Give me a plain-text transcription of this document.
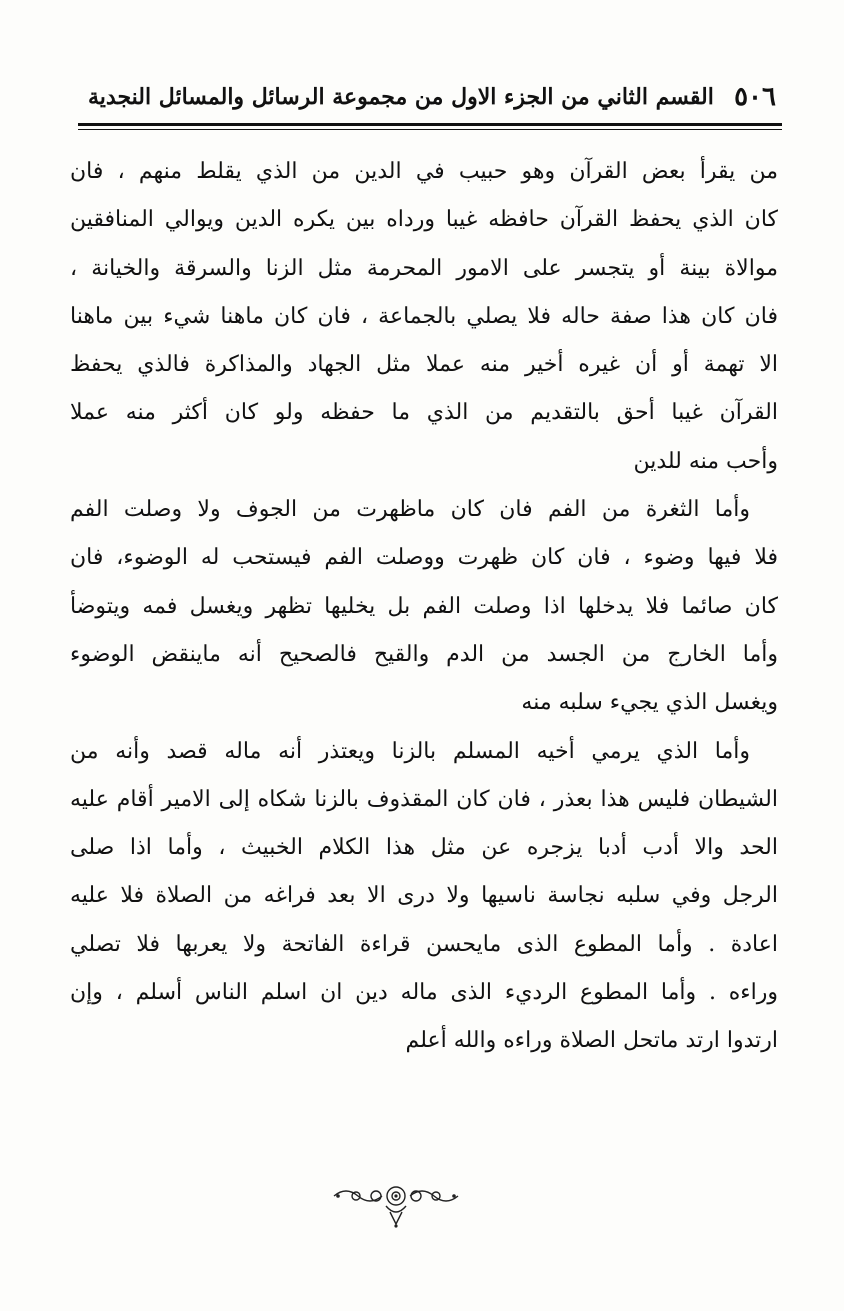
٥٠٦
القسم الثاني من الجزء الاول من مجموعة الرسائل والمسائل النجدية
من يقرأ بعض القرآن وهو حبيب في الدين من الذي يقلط منهم ، فان
كان الذي يحفظ القرآن حافظه غيبا ورداه بين يكره الدين ويوالي المنافقين
موالاة بينة أو يتجسر على الامور المحرمة مثل الزنا والسرقة والخيانة ،
فان كان هذا صفة حاله فلا يصلي بالجماعة ، فان كان ماهنا شيء بين ماهنا
الا تهمة أو أن غيره أخير منه عملا مثل الجهاد والمذاكرة فالذي يحفظ
القرآن غيبا أحق بالتقديم من الذي ما حفظه ولو كان أكثر منه عملا
وأحب منه للدين
وأما الثغرة من الفم فان كان ماظهرت من الجوف ولا وصلت الفم
فلا فيها وضوء ، فان كان ظهرت ووصلت الفم فيستحب له الوضوء، فان
كان صائما فلا يدخلها اذا وصلت الفم بل يخليها تظهر ويغسل فمه ويتوضأ
وأما الخارج من الجسد من الدم والقيح فالصحيح أنه ماينقض الوضوء
ويغسل الذي يجيء سلبه منه
وأما الذي يرمي أخيه المسلم بالزنا ويعتذر أنه ماله قصد وأنه من
الشيطان فليس هذا بعذر ، فان كان المقذوف بالزنا شكاه إلى الامير أقام عليه
الحد والا أدب أدبا يزجره عن مثل هذا الكلام الخبيث ، وأما اذا صلى
الرجل وفي سلبه نجاسة ناسيها ولا درى الا بعد فراغه من الصلاة فلا عليه
اعادة . وأما المطوع الذى مايحسن قراءة الفاتحة ولا يعربها فلا تصلي
وراءه . وأما المطوع الرديء الذى ماله دين ان اسلم الناس أسلم ، وإن
ارتدوا ارتد ماتحل الصلاة وراءه والله أعلم
